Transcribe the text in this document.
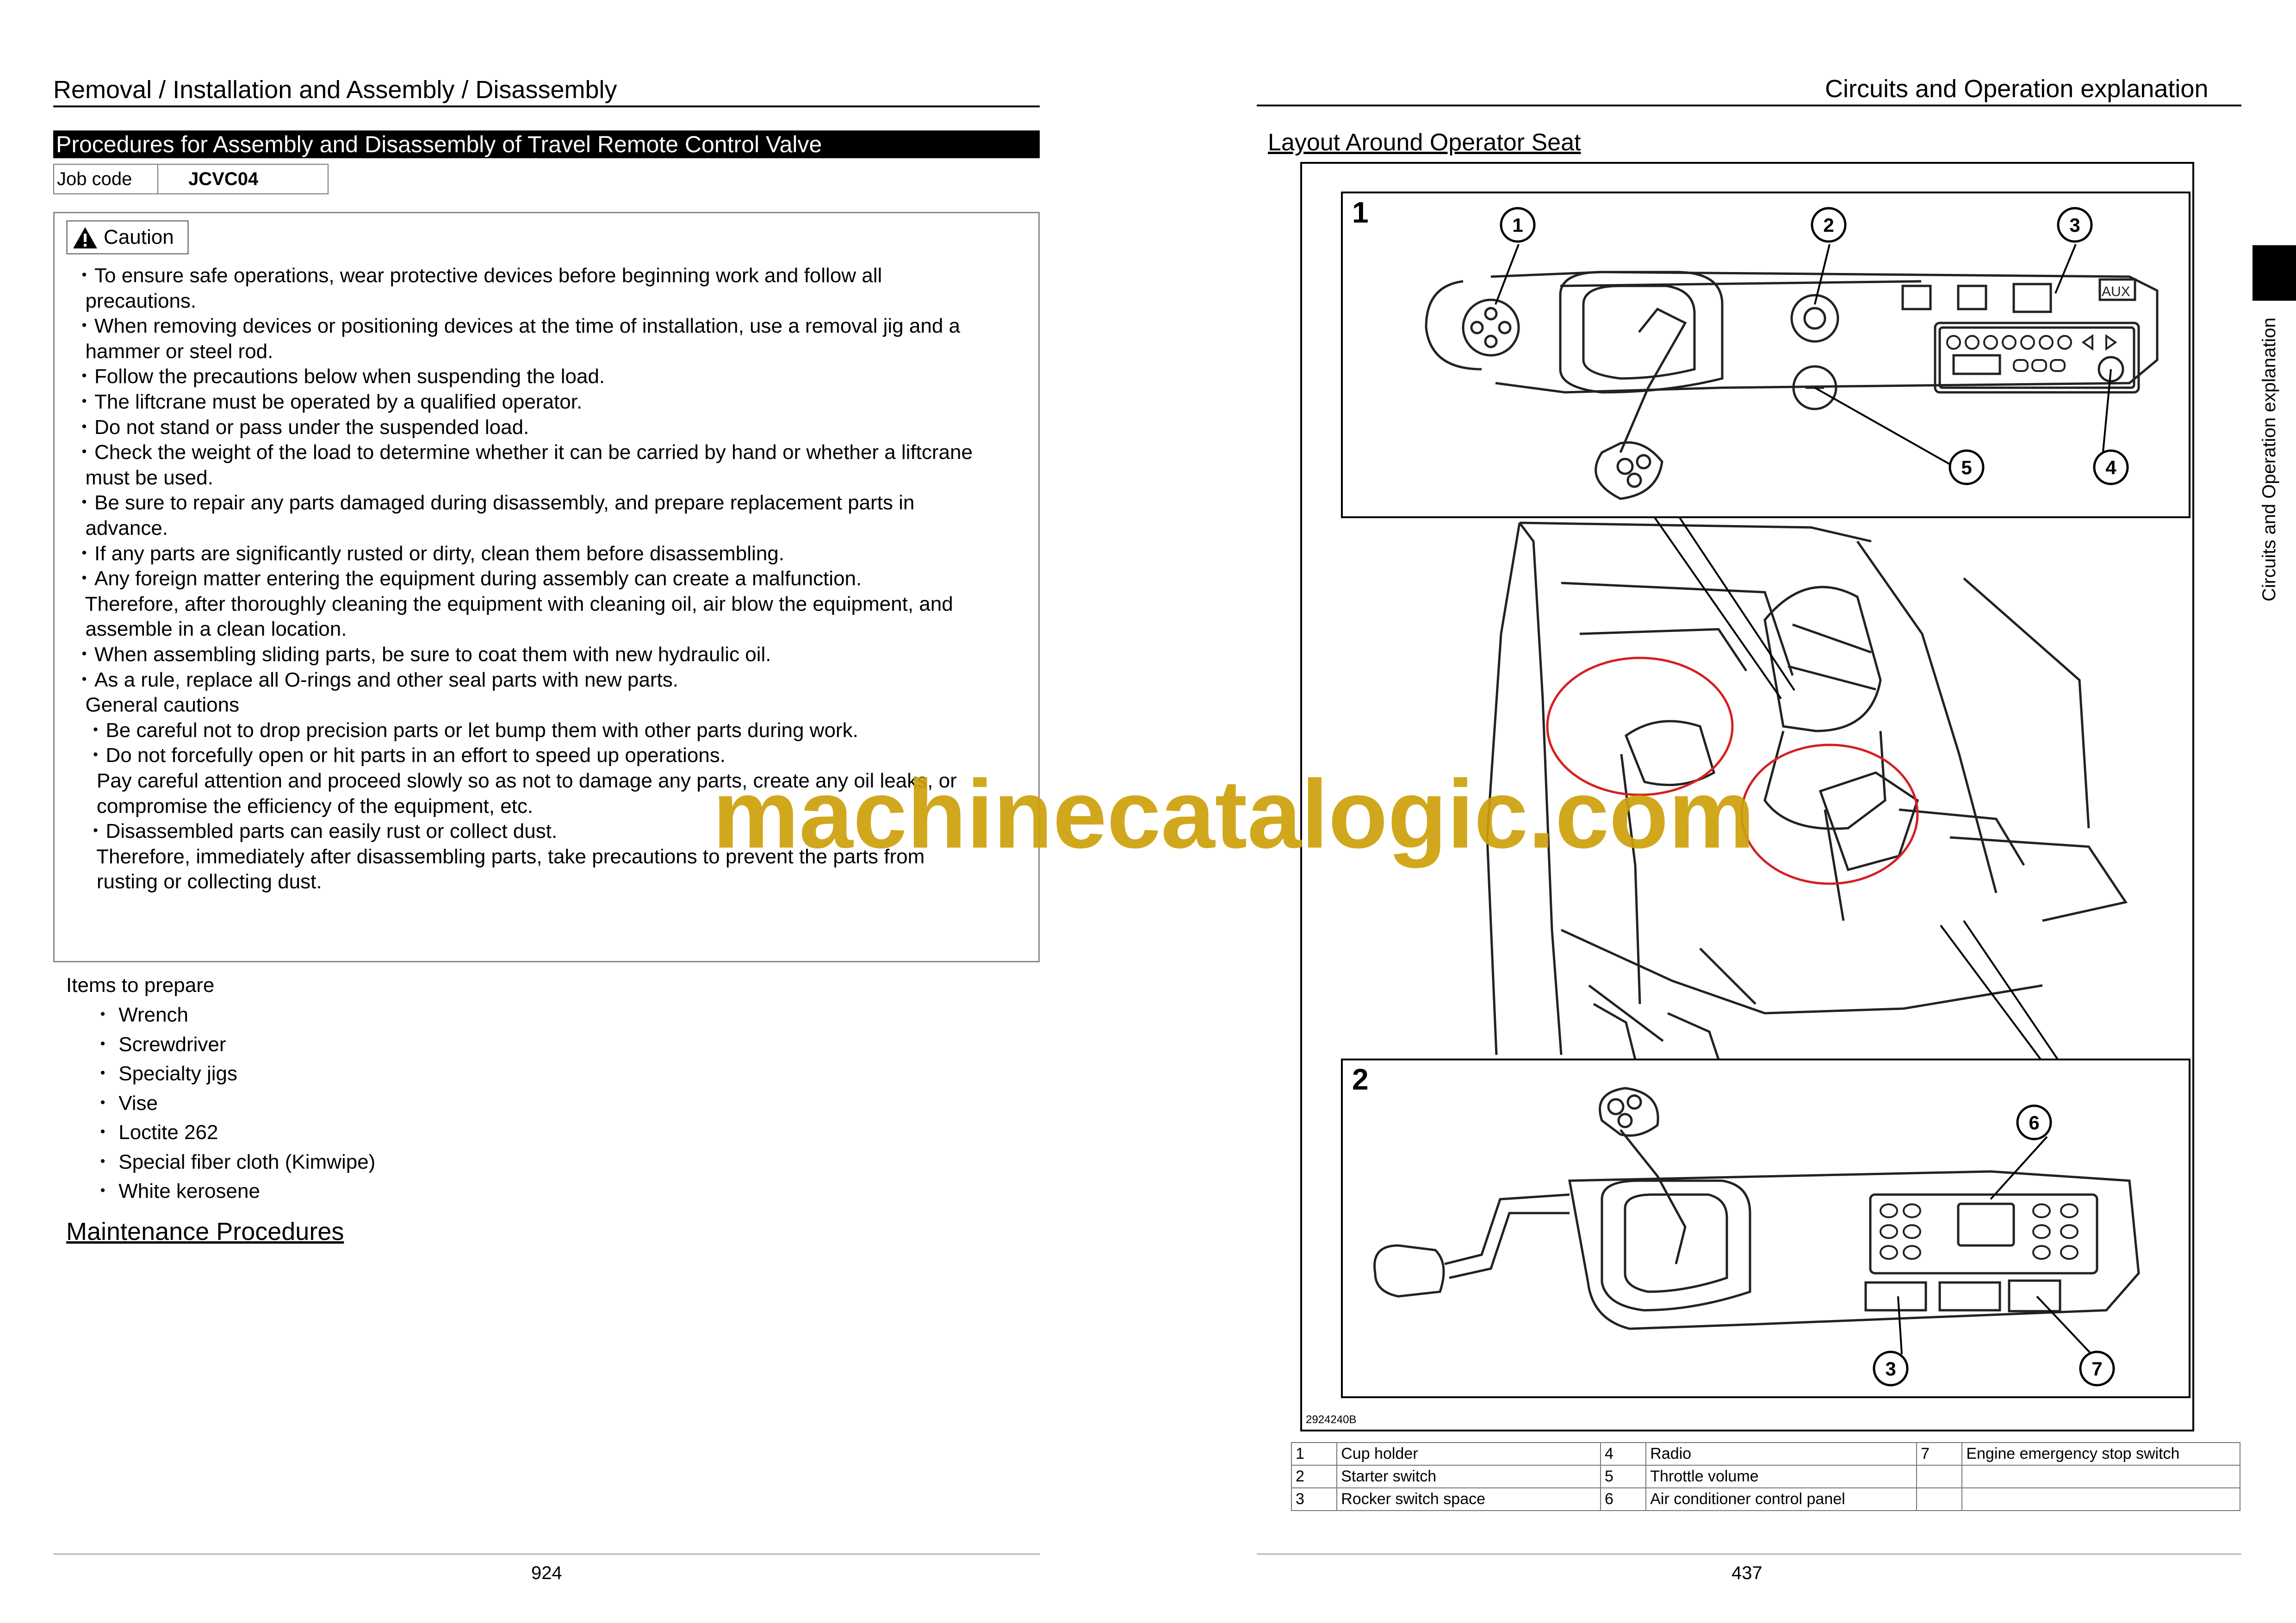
Removal / Installation and Assembly / Disassembly
Procedures for Assembly and Disassembly of Travel Remote Control Valve
Job code	JCVC04
Caution
・To ensure safe operations, wear protective devices before beginning work and follow all
precautions.
・When removing devices or positioning devices at the time of installation, use a removal jig and a
hammer or steel rod.
・Follow the precautions below when suspending the load.
・The liftcrane must be operated by a qualified operator.
・Do not stand or pass under the suspended load.
・Check the weight of the load to determine whether it can be carried by hand or whether a liftcrane
must be used.
・Be sure to repair any parts damaged during disassembly, and prepare replacement parts in
advance.
・If any parts are significantly rusted or dirty, clean them before disassembling.
・Any foreign matter entering the equipment during assembly can create a malfunction.
Therefore, after thoroughly cleaning the equipment with cleaning oil, air blow the equipment, and
assemble in a clean location.
・When assembling sliding parts, be sure to coat them with new hydraulic oil.
・As a rule, replace all O-rings and other seal parts with new parts.
General cautions
・Be careful not to drop precision parts or let bump them with other parts during work.
・Do not forcefully open or hit parts in an effort to speed up operations.
Pay careful attention and proceed slowly so as not to damage any parts, create any oil leaks, or
compromise the efficiency of the equipment, etc.
・Disassembled parts can easily rust or collect dust.
Therefore, immediately after disassembling parts, take precautions to prevent the parts from
rusting or collecting dust.
Items to prepare
・ Wrench
・ Screwdriver
・ Specialty jigs
・ Vise
・ Loctite 262
・ Special fiber cloth (Kimwipe)
・ White kerosene
Maintenance Procedures
924
Circuits and Operation explanation
Layout Around Operator Seat
Circuits and Operation explanation
1
AUX
2
1	2	3
5	4
6
3	7
2924240B
1	Cup holder	4	Radio	7	Engine emergency stop switch
2	Starter switch	5	Throttle volume		
3	Rocker switch space	6	Air conditioner control panel		
437
machinecatalogic.com
